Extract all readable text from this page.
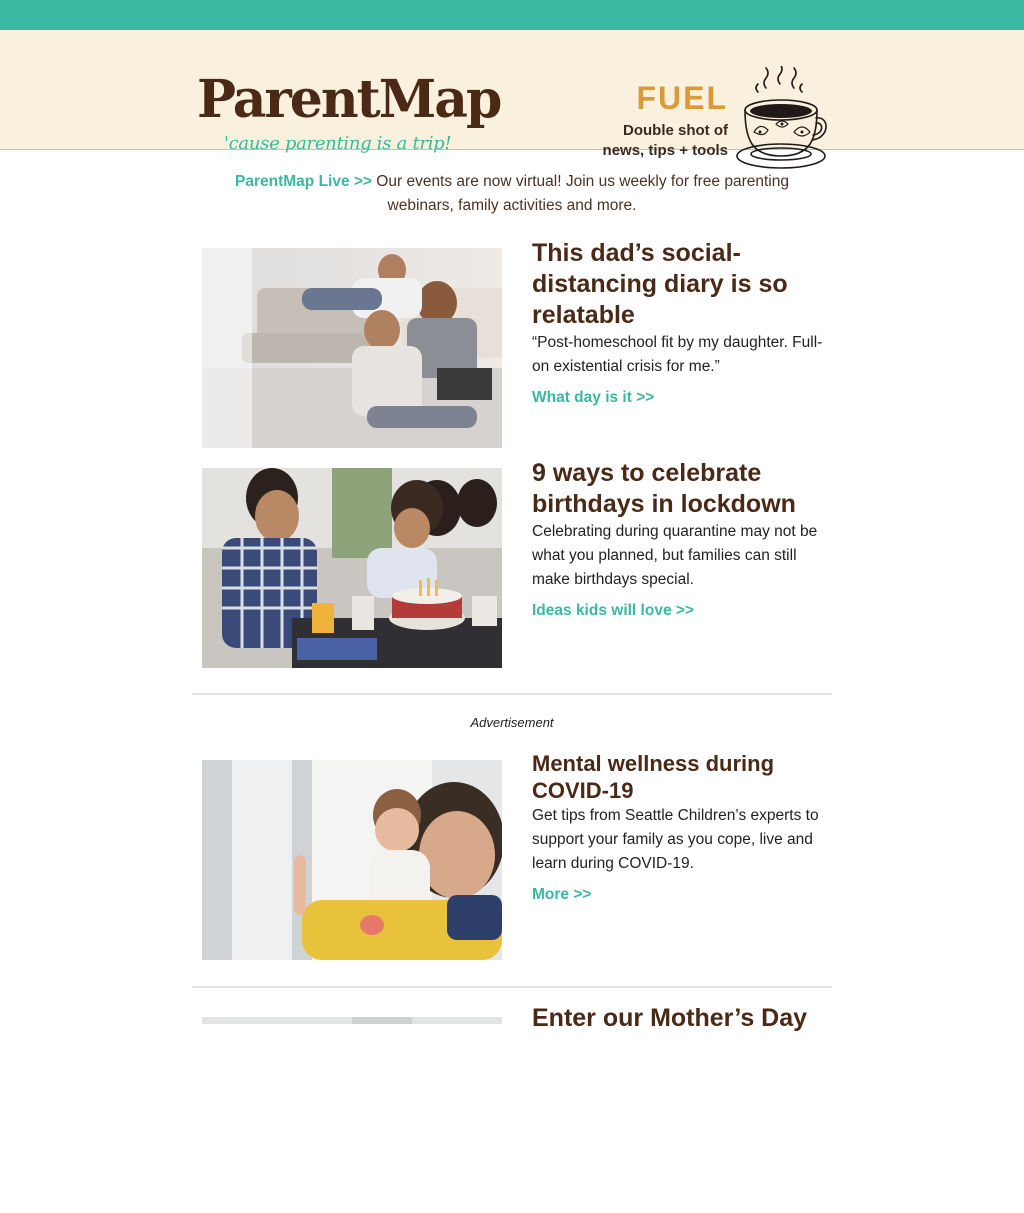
ParentMap
'cause parenting is a trip!
FUEL
Double shot of
news, tips + tools
ParentMap Live >> Our events are now virtual! Join us weekly for free parenting webinars, family activities and more.
This dad’s social-distancing diary is so relatable

“Post-homeschool fit by my daughter. Full-on existential crisis for me.”

What day is it >>
9 ways to celebrate birthdays in lockdown

Celebrating during quarantine may not be what you planned, but families can still make birthdays special.

Ideas kids will love >>
Advertisement
Mental wellness during COVID-19

Get tips from Seattle Children’s experts to support your family as you cope, live and learn during COVID-19.

More >>
Enter our Mother’s Day
